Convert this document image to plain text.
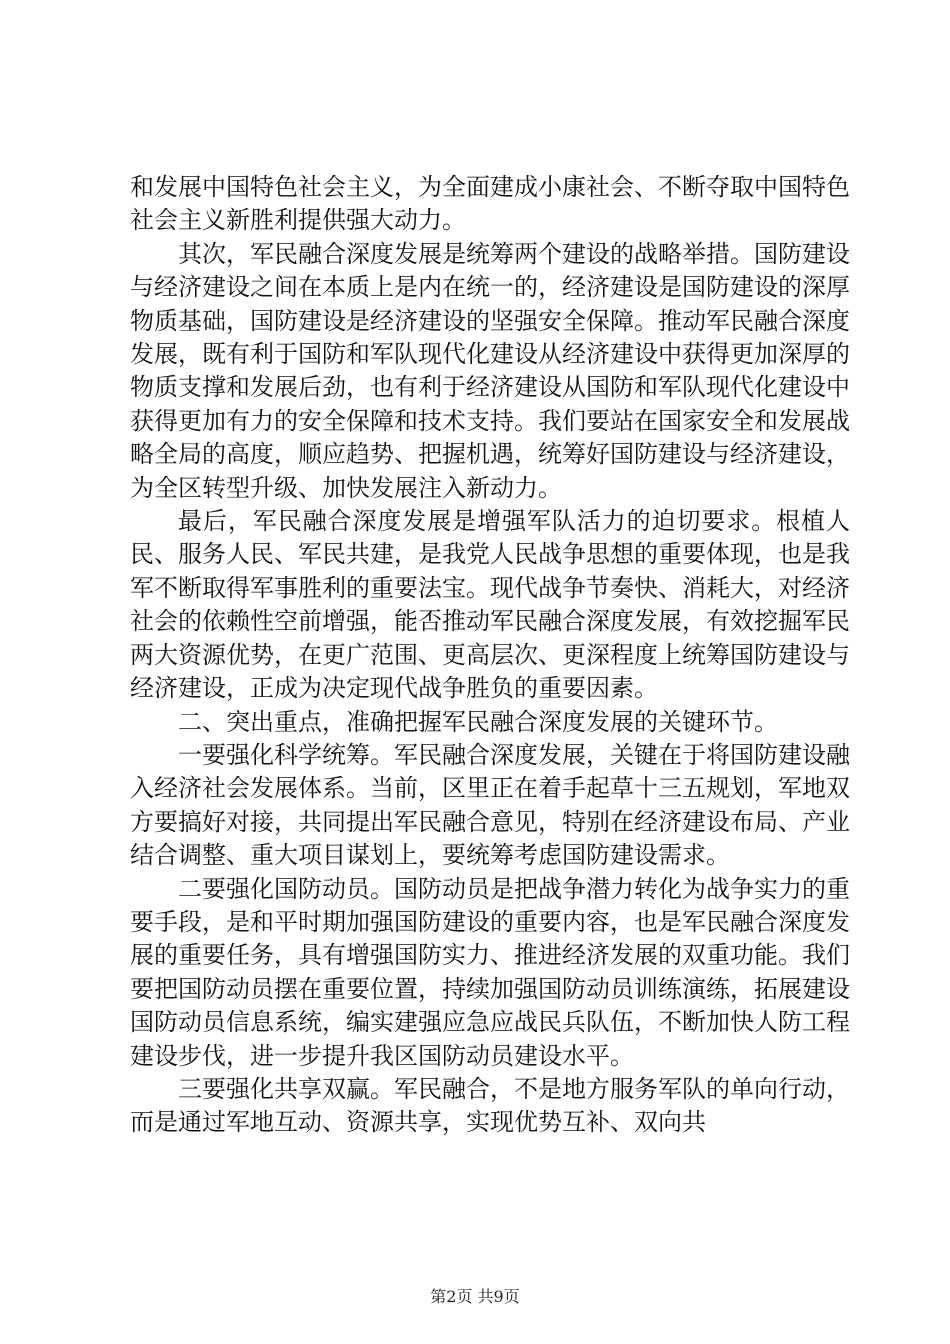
和发展中国特色社会主义，为全面建成小康社会、不断夺取中国特色社会主义新胜利提供强大动力。

其次，军民融合深度发展是统筹两个建设的战略举措。国防建设与经济建设之间在本质上是内在统一的，经济建设是国防建设的深厚物质基础，国防建设是经济建设的坚强安全保障。推动军民融合深度发展，既有利于国防和军队现代化建设从经济建设中获得更加深厚的物质支撑和发展后劲，也有利于经济建设从国防和军队现代化建设中获得更加有力的安全保障和技术支持。我们要站在国家安全和发展战略全局的高度，顺应趋势、把握机遇，统筹好国防建设与经济建设，为全区转型升级、加快发展注入新动力。

最后，军民融合深度发展是增强军队活力的迫切要求。根植人民、服务人民、军民共建，是我党人民战争思想的重要体现，也是我军不断取得军事胜利的重要法宝。现代战争节奏快、消耗大，对经济社会的依赖性空前增强，能否推动军民融合深度发展，有效挖掘军民两大资源优势，在更广范围、更高层次、更深程度上统筹国防建设与经济建设，正成为决定现代战争胜负的重要因素。

二、突出重点，准确把握军民融合深度发展的关键环节。

一要强化科学统筹。军民融合深度发展，关键在于将国防建设融入经济社会发展体系。当前，区里正在着手起草十三五规划，军地双方要搞好对接，共同提出军民融合意见，特别在经济建设布局、产业结合调整、重大项目谋划上，要统筹考虑国防建设需求。

二要强化国防动员。国防动员是把战争潜力转化为战争实力的重要手段，是和平时期加强国防建设的重要内容，也是军民融合深度发展的重要任务，具有增强国防实力、推进经济发展的双重功能。我们要把国防动员摆在重要位置，持续加强国防动员训练演练，拓展建设国防动员信息系统，编实建强应急应战民兵队伍，不断加快人防工程建设步伐，进一步提升我区国防动员建设水平。

三要强化共享双赢。军民融合，不是地方服务军队的单向行动，而是通过军地互动、资源共享，实现优势互补、双向共

第2页 共9页
